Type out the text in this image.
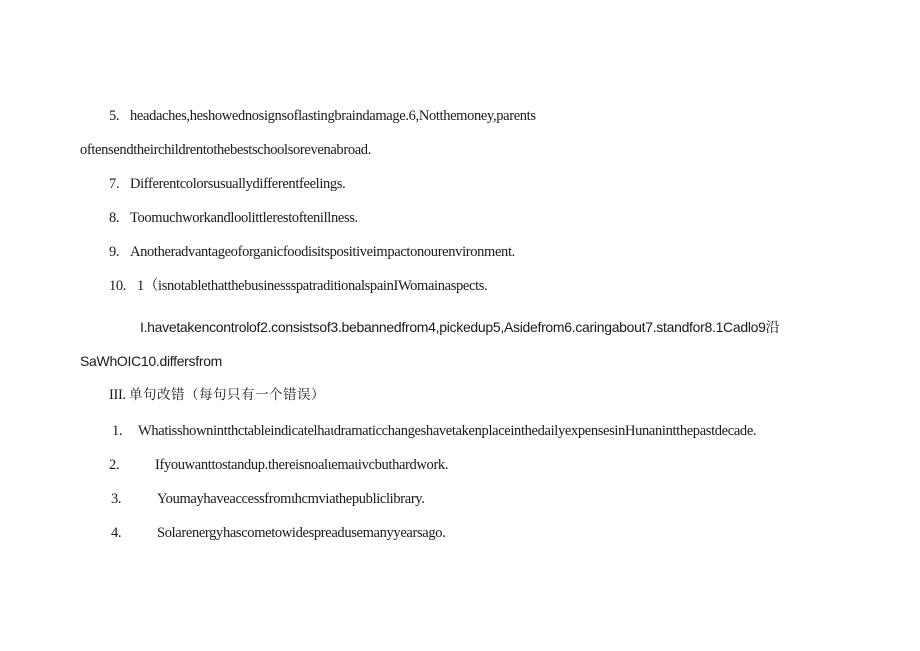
5. headaches,heshowednosignsoflastingbraindamage.6,Notthemoney,parents
oftensendtheirchildrentothebestschoolsorevenabroad.
7. Differentcolorsusuallydifferentfeelings.
8. Toomuchworkandloolittlerestoftenillness.
9. Anotheradvantageoforganicfoodisitspositiveimpactonourenvironment.
10. 1（isnotablethatthebusinessspatraditionalspainIWomainaspects.
I.havetakencontrolof2.consistsof3.bebannedfrom4,pickedup5,Asidefrom6.caringabout7.standfor8.1Cadlo9沿
SaWhOIC10.differsfrom
III. 单句改错（每句只有一个错误）
1. WhatisshownintthctableindicatelhaιdramaticchangeshavetakenplaceinthedailyexpensesinHunanintthepastdecade.
2. Ifyouwanttostandup.thereisnoalιemaιivcbuthardwork.
3. Youmayhaveaccessfromιhcmviathepubliclibrary.
4. Solarenergyhascometowidespreadusemanyyearsago.
